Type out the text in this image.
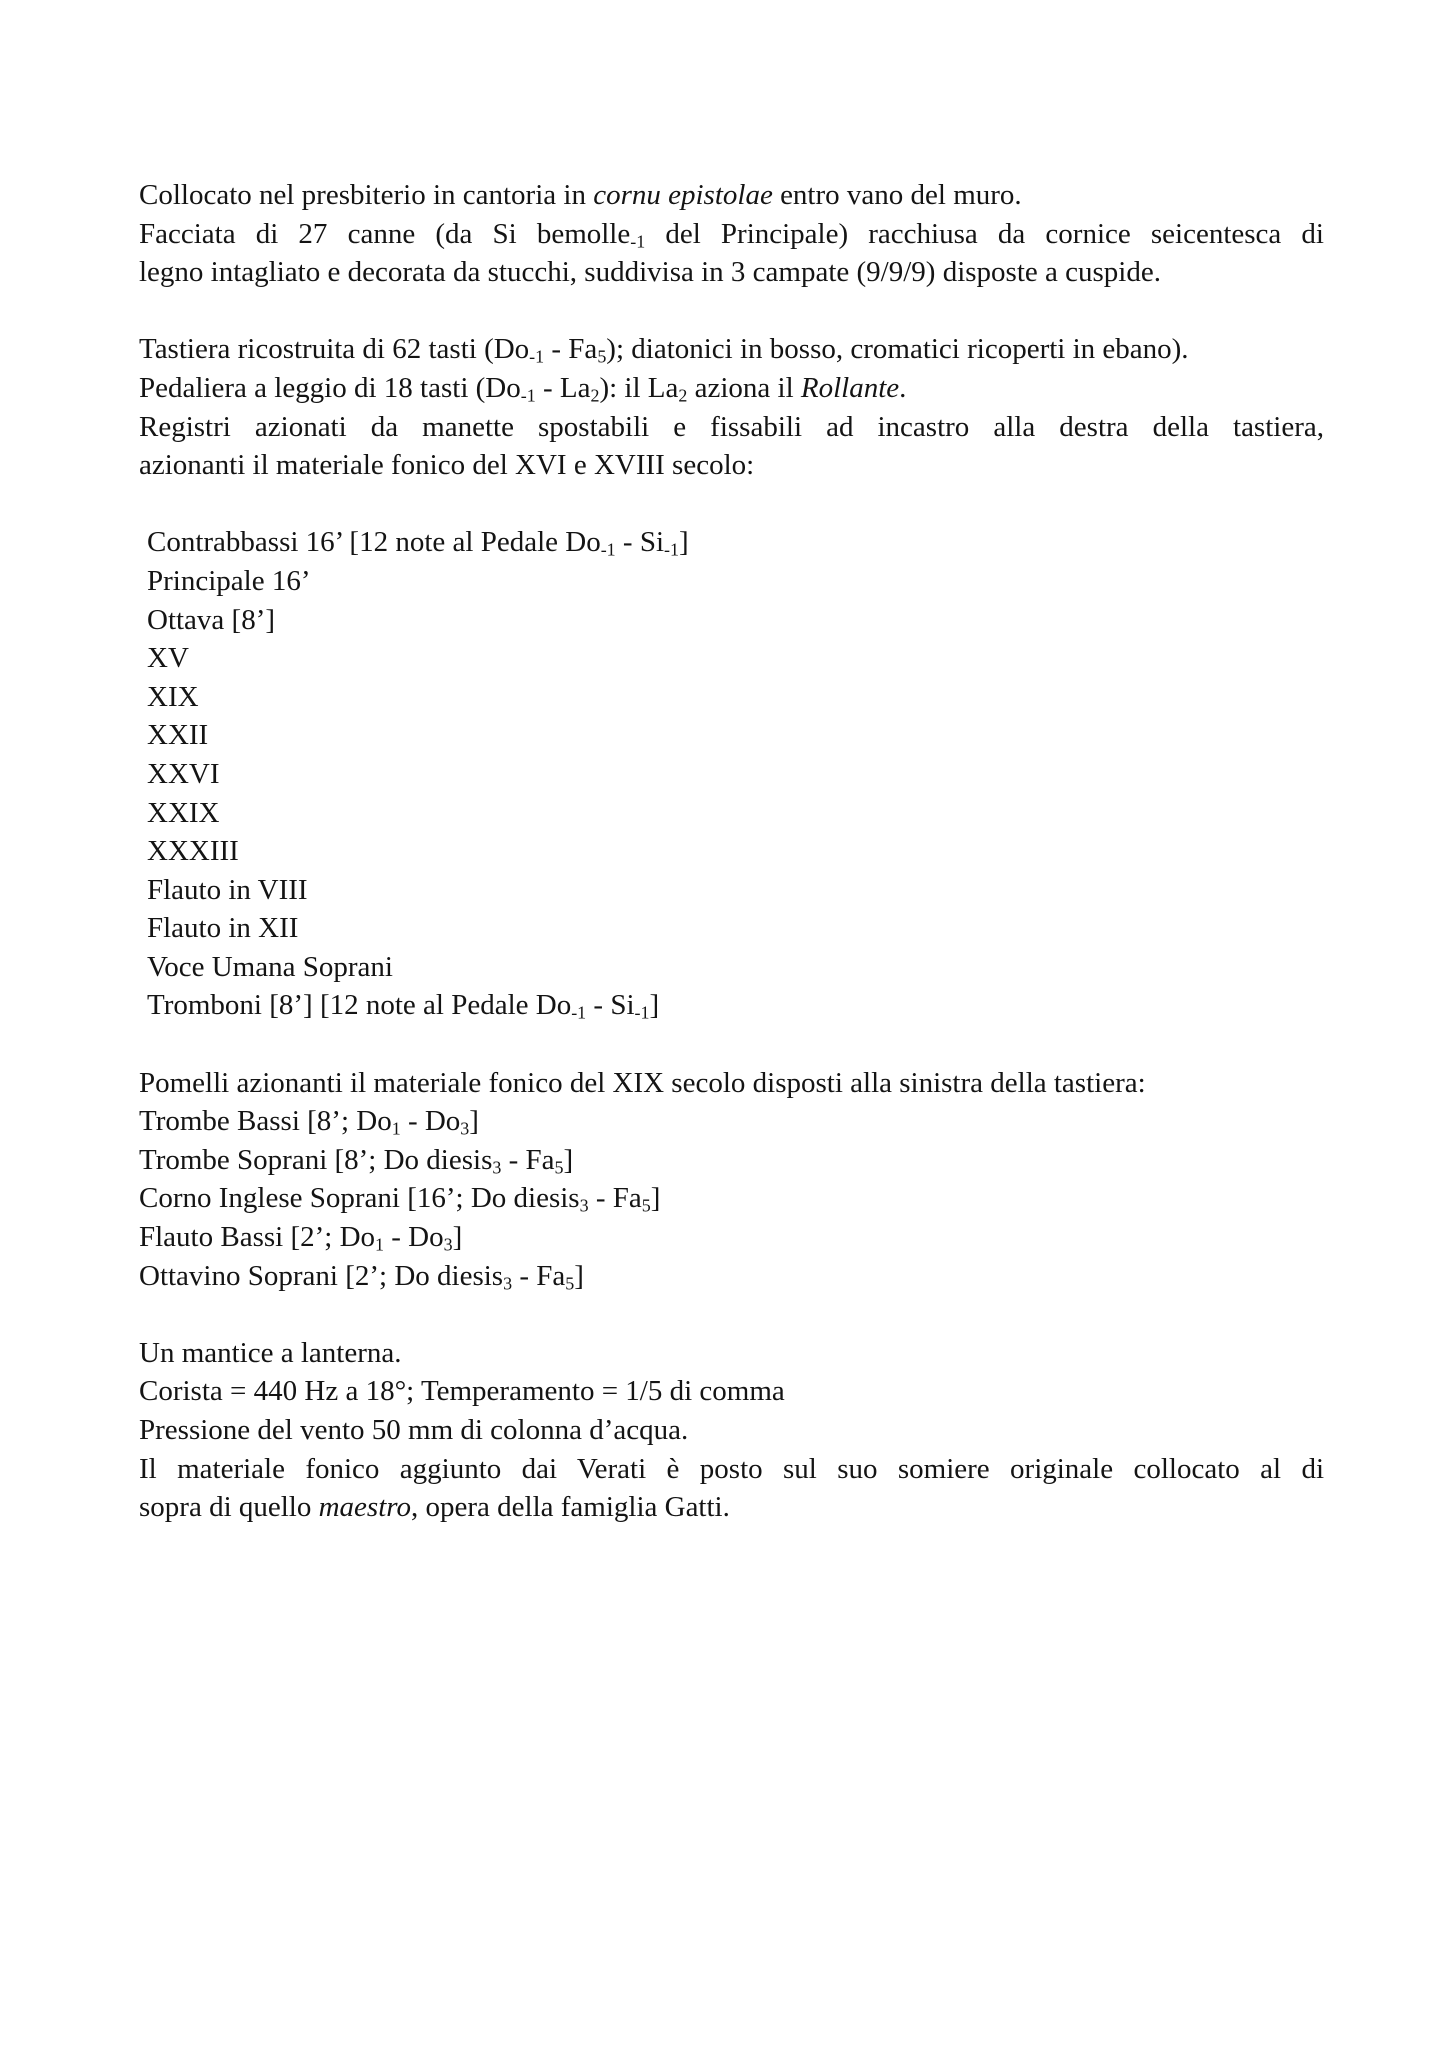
Collocato nel presbiterio in cantoria in cornu epistolae entro vano del muro.
Facciata di 27 canne (da Si bemolle$_{-1}$ del Principale) racchiusa da cornice seicentesca di
legno intagliato e decorata da stucchi, suddivisa in 3 campate (9/9/9) disposte a cuspide.
Tastiera ricostruita di 62 tasti $(Do_{-1} - Fa_5)$; diatonici in bosso, cromatici ricoperti in ebano).
Pedaliera a leggio di 18 tasti $(Do_{-1} - La_2)$: il $La_2$ aziona il Rollante.
Registri azionati da manette spostabili e fissabili ad incastro alla destra della tastiera,
azionanti il materiale fonico del XVI e XVIII secolo:
Contrabbassi 16’ [12 note al Pedale $Do_{-1} - Si_{-1}$]
Principale 16’
Ottava [8’]
XV
XIX
XXII
XXVI
XXIX
XXXIII
Flauto in VIII
Flauto in XII
Voce Umana Soprani
Tromboni [8’] [12 note al Pedale $Do_{-1} - Si_{-1}$]
Pomelli azionanti il materiale fonico del XIX secolo disposti alla sinistra della tastiera:
Trombe Bassi [8’; $Do_1 - Do_3$]
Trombe Soprani [8’; Do diesis$_3$ - $Fa_5$]
Corno Inglese Soprani [16’; Do diesis$_3$ - $Fa_5$]
Flauto Bassi [2’; $Do_1 - Do_3$]
Ottavino Soprani [2’; Do diesis$_3$ - $Fa_5$]
Un mantice a lanterna.
Corista = 440 Hz a 18°; Temperamento = 1/5 di comma
Pressione del vento 50 mm di colonna d’acqua.
Il materiale fonico aggiunto dai Verati è posto sul suo somiere originale collocato al di
sopra di quello maestro, opera della famiglia Gatti.
